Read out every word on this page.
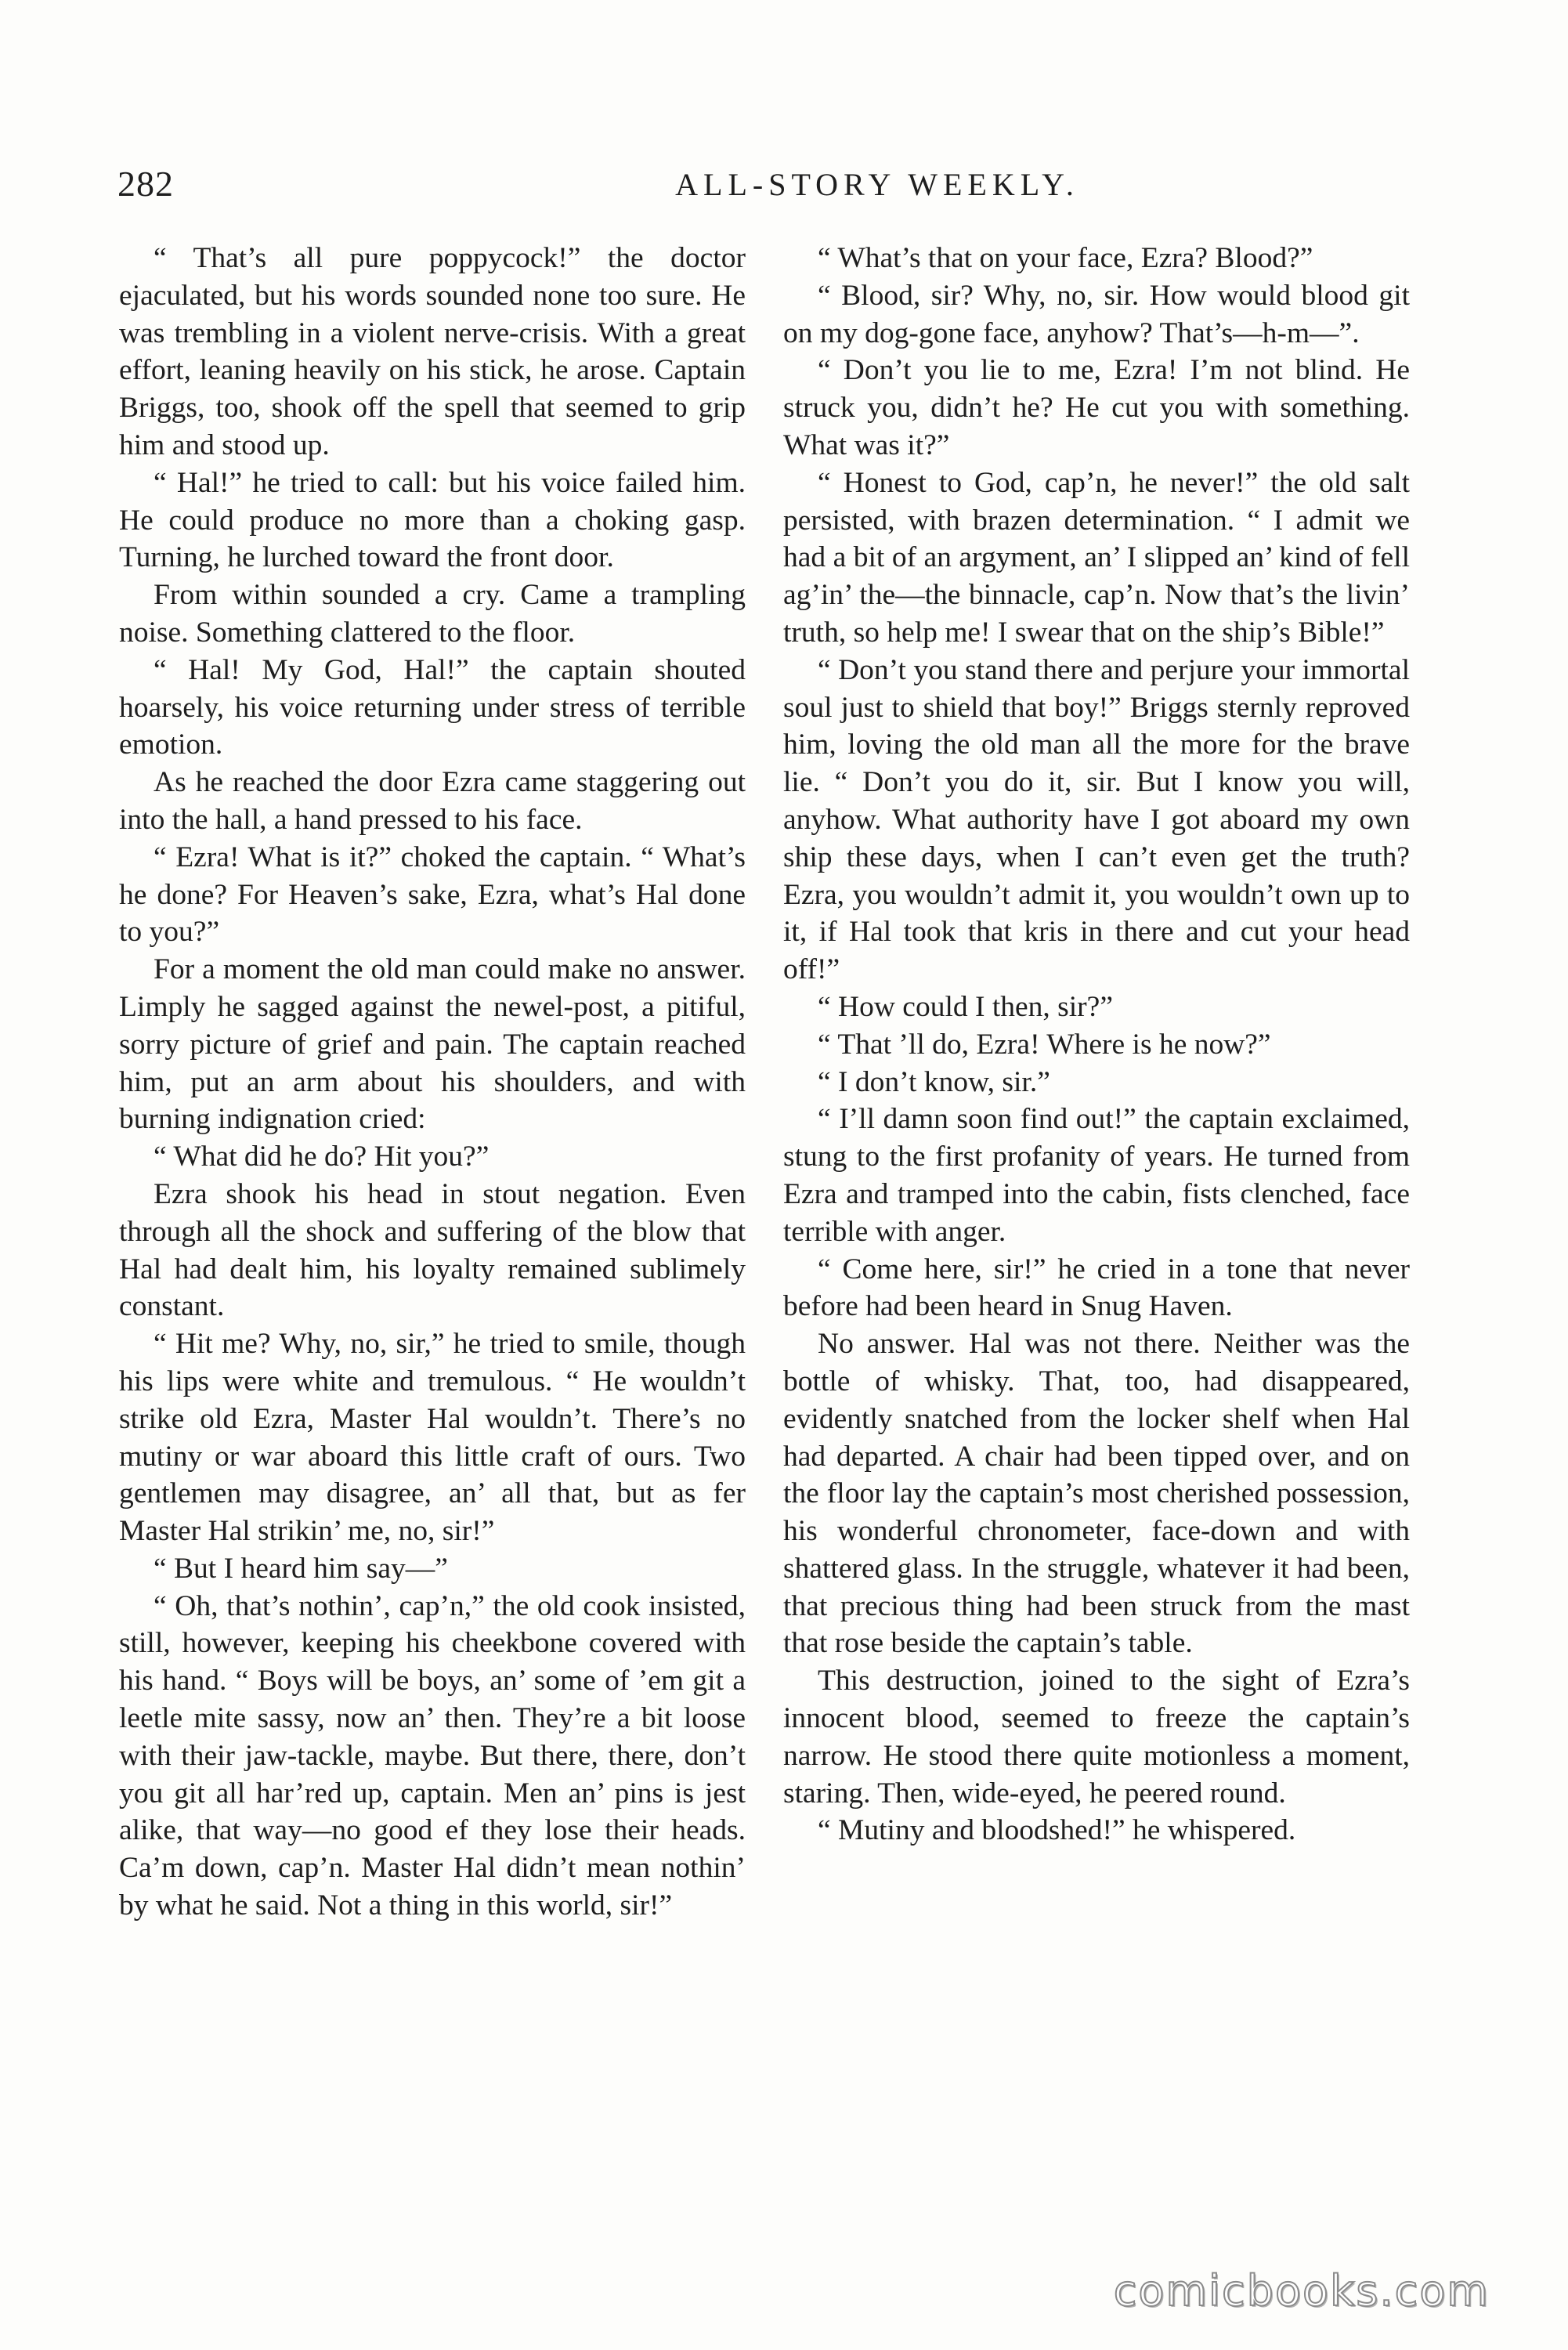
282	ALL-STORY WEEKLY.

“ That’s all pure poppycock!” the doctor ejaculated, but his words sounded none too sure. He was trembling in a violent nerve-crisis. With a great effort, leaning heavily on his stick, he arose. Captain Briggs, too, shook off the spell that seemed to grip him and stood up.

“ Hal!” he tried to call: but his voice failed him. He could produce no more than a choking gasp. Turning, he lurched toward the front door.

From within sounded a cry. Came a trampling noise. Something clattered to the floor.

“ Hal! My God, Hal!” the captain shouted hoarsely, his voice returning under stress of terrible emotion.

As he reached the door Ezra came staggering out into the hall, a hand pressed to his face.

“ Ezra! What is it?” choked the captain. “ What’s he done? For Heaven’s sake, Ezra, what’s Hal done to you?”

For a moment the old man could make no answer. Limply he sagged against the newel-post, a pitiful, sorry picture of grief and pain. The captain reached him, put an arm about his shoulders, and with burning indignation cried:

“ What did he do? Hit you?”

Ezra shook his head in stout negation. Even through all the shock and suffering of the blow that Hal had dealt him, his loyalty remained sublimely constant.

“ Hit me? Why, no, sir,” he tried to smile, though his lips were white and tremulous. “ He wouldn’t strike old Ezra, Master Hal wouldn’t. There’s no mutiny or war aboard this little craft of ours. Two gentlemen may disagree, an’ all that, but as fer Master Hal strikin’ me, no, sir!”

“ But I heard him say—”

“ Oh, that’s nothin’, cap’n,” the old cook insisted, still, however, keeping his cheekbone covered with his hand. “ Boys will be boys, an’ some of ’em git a leetle mite sassy, now an’ then. They’re a bit loose with their jaw-tackle, maybe. But there, there, don’t you git all har’red up, captain. Men an’ pins is jest alike, that way—no good ef they lose their heads. Ca’m down, cap’n. Master Hal didn’t mean nothin’ by what he said. Not a thing in this world, sir!”

“ What’s that on your face, Ezra? Blood?”

“ Blood, sir? Why, no, sir. How would blood git on my dog-gone face, anyhow? That’s—h-m—”.

“ Don’t you lie to me, Ezra! I’m not blind. He struck you, didn’t he? He cut you with something. What was it?”

“ Honest to God, cap’n, he never!” the old salt persisted, with brazen determination. “ I admit we had a bit of an argyment, an’ I slipped an’ kind of fell ag’in’ the—the binnacle, cap’n. Now that’s the livin’ truth, so help me! I swear that on the ship’s Bible!”

“ Don’t you stand there and perjure your immortal soul just to shield that boy!” Briggs sternly reproved him, loving the old man all the more for the brave lie. “ Don’t you do it, sir. But I know you will, anyhow. What authority have I got aboard my own ship these days, when I can’t even get the truth? Ezra, you wouldn’t admit it, you wouldn’t own up to it, if Hal took that kris in there and cut your head off!”

“ How could I then, sir?”

“ That ’ll do, Ezra! Where is he now?”

“ I don’t know, sir.”

“ I’ll damn soon find out!” the captain exclaimed, stung to the first profanity of years. He turned from Ezra and tramped into the cabin, fists clenched, face terrible with anger.

“ Come here, sir!” he cried in a tone that never before had been heard in Snug Haven.

No answer. Hal was not there. Neither was the bottle of whisky. That, too, had disappeared, evidently snatched from the locker shelf when Hal had departed. A chair had been tipped over, and on the floor lay the captain’s most cherished possession, his wonderful chronometer, face-down and with shattered glass. In the struggle, whatever it had been, that precious thing had been struck from the mast that rose beside the captain’s table.

This destruction, joined to the sight of Ezra’s innocent blood, seemed to freeze the captain’s narrow. He stood there quite motionless a moment, staring. Then, wide-eyed, he peered round.

“ Mutiny and bloodshed!” he whispered.

comicbooks.com
